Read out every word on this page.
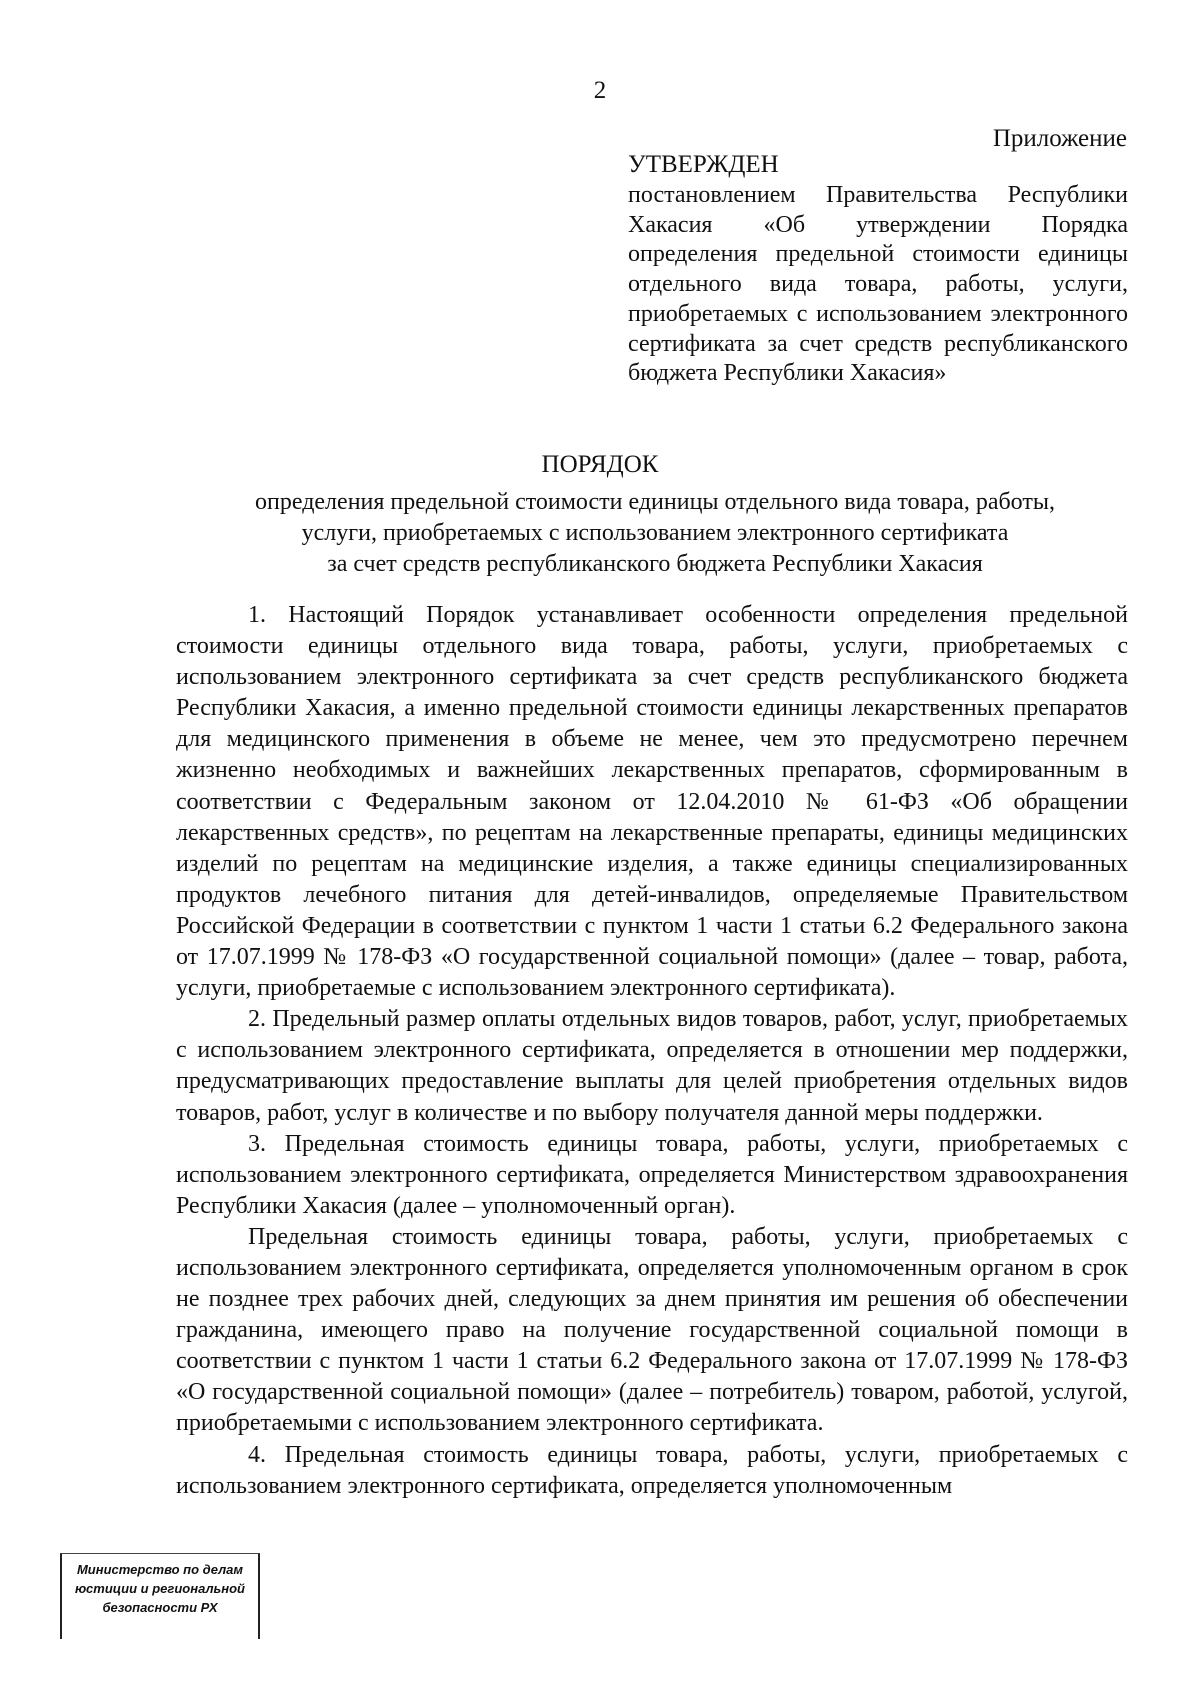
2
Приложение
УТВЕРЖДЕН
постановлением Правительства Республики Хакасия «Об утверждении Порядка определения предельной стоимости единицы отдельного вида товара, работы, услуги, приобретаемых с использованием электронного сертификата за счет средств республиканского бюджета Республики Хакасия»
ПОРЯДОК
определения предельной стоимости единицы отдельного вида товара, работы,
услуги, приобретаемых с использованием электронного сертификата
за счет средств республиканского бюджета Республики Хакасия

1. Настоящий Порядок устанавливает особенности определения предельной стоимости единицы отдельного вида товара, работы, услуги, приобретаемых с использованием электронного сертификата за счет средств республиканского бюджета Республики Хакасия, а именно предельной стоимости единицы лекарственных препаратов для медицинского применения в объеме не менее, чем это предусмотрено перечнем жизненно необходимых и важнейших лекарственных препаратов, сформированным в соответствии с Федеральным законом от 12.04.2010 № 61-ФЗ «Об обращении лекарственных средств», по рецептам на лекарственные препараты, единицы медицинских изделий по рецептам на медицинские изделия, а также единицы специализированных продуктов лечебного питания для детей-инвалидов, определяемые Правительством Российской Федерации в соответствии с пунктом 1 части 1 статьи 6.2 Федерального закона от 17.07.1999 № 178-ФЗ «О государственной социальной помощи» (далее – товар, работа, услуги, приобретаемые с использованием электронного сертификата).

2. Предельный размер оплаты отдельных видов товаров, работ, услуг, приобретаемых с использованием электронного сертификата, определяется в отношении мер поддержки, предусматривающих предоставление выплаты для целей приобретения отдельных видов товаров, работ, услуг в количестве и по выбору получателя данной меры поддержки.

3. Предельная стоимость единицы товара, работы, услуги, приобретаемых с использованием электронного сертификата, определяется Министерством здравоохранения Республики Хакасия (далее – уполномоченный орган).

Предельная стоимость единицы товара, работы, услуги, приобретаемых с использованием электронного сертификата, определяется уполномоченным органом в срок не позднее трех рабочих дней, следующих за днем принятия им решения об обеспечении гражданина, имеющего право на получение государственной социальной помощи в соответствии с пунктом 1 части 1 статьи 6.2 Федерального закона от 17.07.1999 № 178-ФЗ «О государственной социальной помощи» (далее – потребитель) товаром, работой, услугой, приобретаемыми с использованием электронного сертификата.

4. Предельная стоимость единицы товара, работы, услуги, приобретаемых с использованием электронного сертификата, определяется уполномоченным

Министерство по делам
юстиции и региональной
безопасности РХ
